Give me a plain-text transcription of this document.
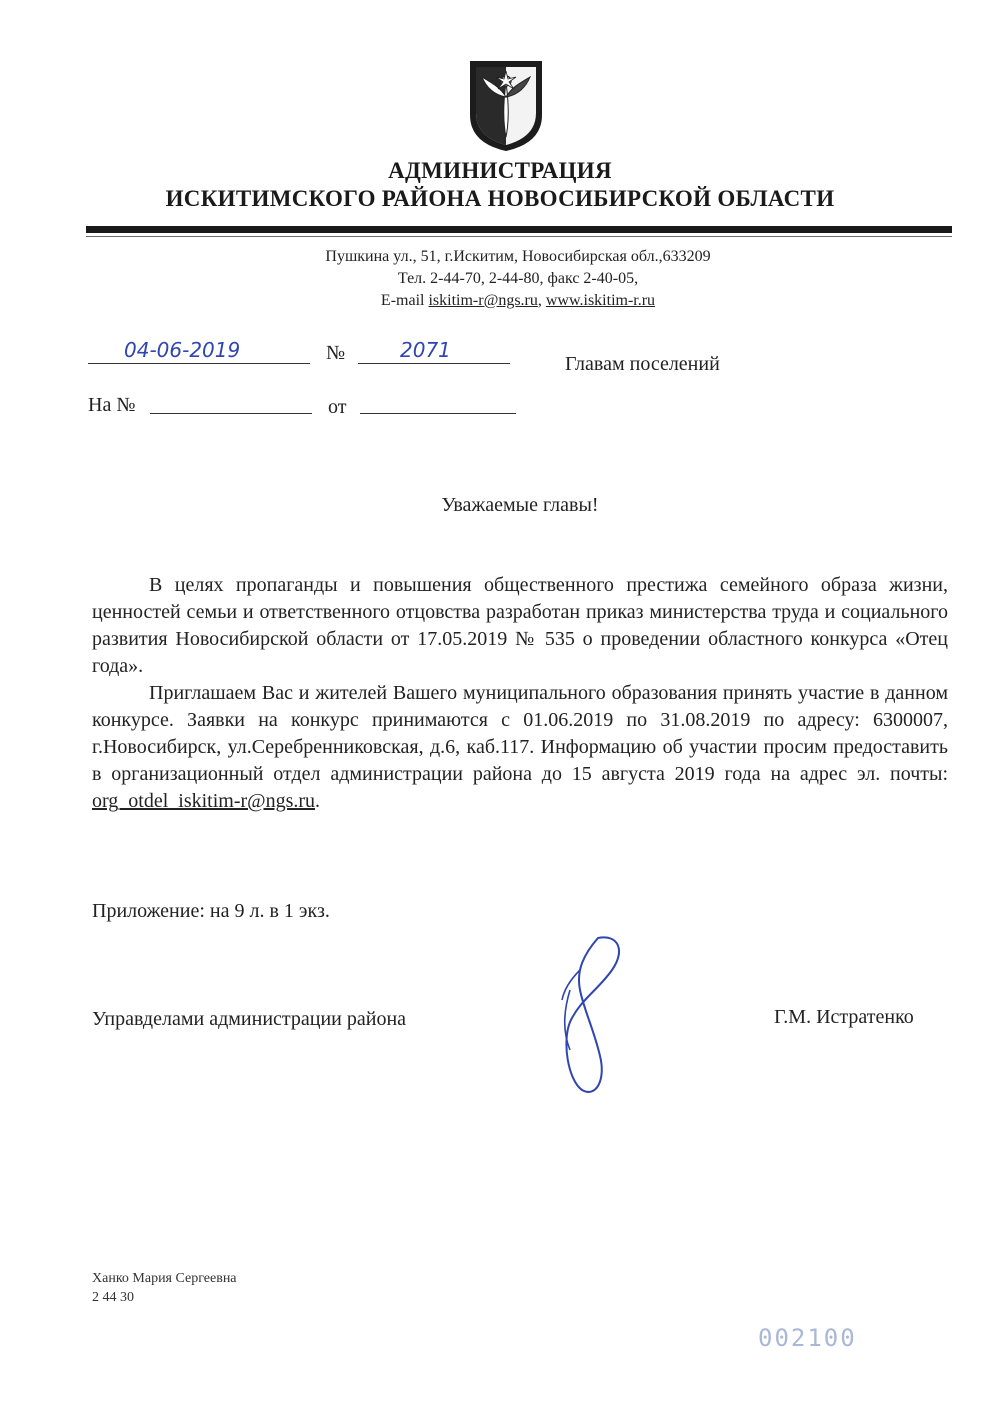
АДМИНИСТРАЦИЯ
ИСКИТИМСКОГО РАЙОНА НОВОСИБИРСКОЙ ОБЛАСТИ
Пушкина ул., 51, г.Искитим, Новосибирская обл.,633209
Тел. 2-44-70, 2-44-80, факс 2-40-05,
E-mail iskitim-r@ngs.ru, www.iskitim-r.ru
04-06-2019	№	2071
Главам поселений
На №	от
Уважаемые главы!

В целях пропаганды и повышения общественного престижа семейного образа жизни, ценностей семьи и ответственного отцовства разработан приказ министерства труда и социального развития Новосибирской области от 17.05.2019 № 535 о проведении областного конкурса «Отец года».

Приглашаем Вас и жителей Вашего муниципального образования принять участие в данном конкурсе. Заявки на конкурс принимаются с 01.06.2019 по 31.08.2019 по адресу: 6300007, г.Новосибирск, ул.Серебренниковская, д.6, каб.117. Информацию об участии просим предоставить в организационный отдел администрации района до 15 августа 2019 года на адрес эл. почты: org_otdel_iskitim-r@ngs.ru.

Приложение: на 9 л. в 1 экз.
Управделами администрации района	Г.М. Истратенко
Ханко Мария Сергеевна
2 44 30
002100
